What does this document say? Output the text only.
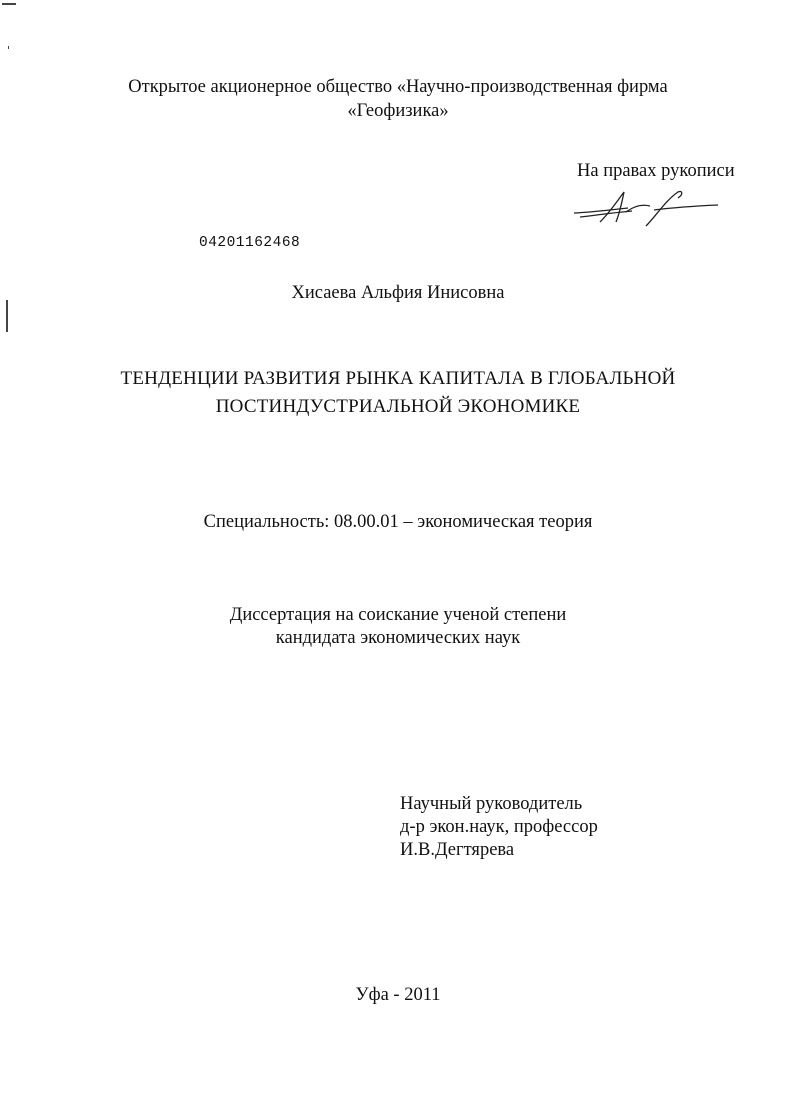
Открытое акционерное общество «Научно-производственная фирма
«Геофизика»
На правах рукописи
04201162468
Хисаева Альфия Инисовна
ТЕНДЕНЦИИ РАЗВИТИЯ РЫНКА КАПИТАЛА В ГЛОБАЛЬНОЙ
ПОСТИНДУСТРИАЛЬНОЙ ЭКОНОМИКЕ
Специальность: 08.00.01 – экономическая теория
Диссертация на соискание ученой степени
кандидата экономических наук
Научный руководитель
д-р экон.наук, профессор
И.В.Дегтярева
Уфа - 2011
